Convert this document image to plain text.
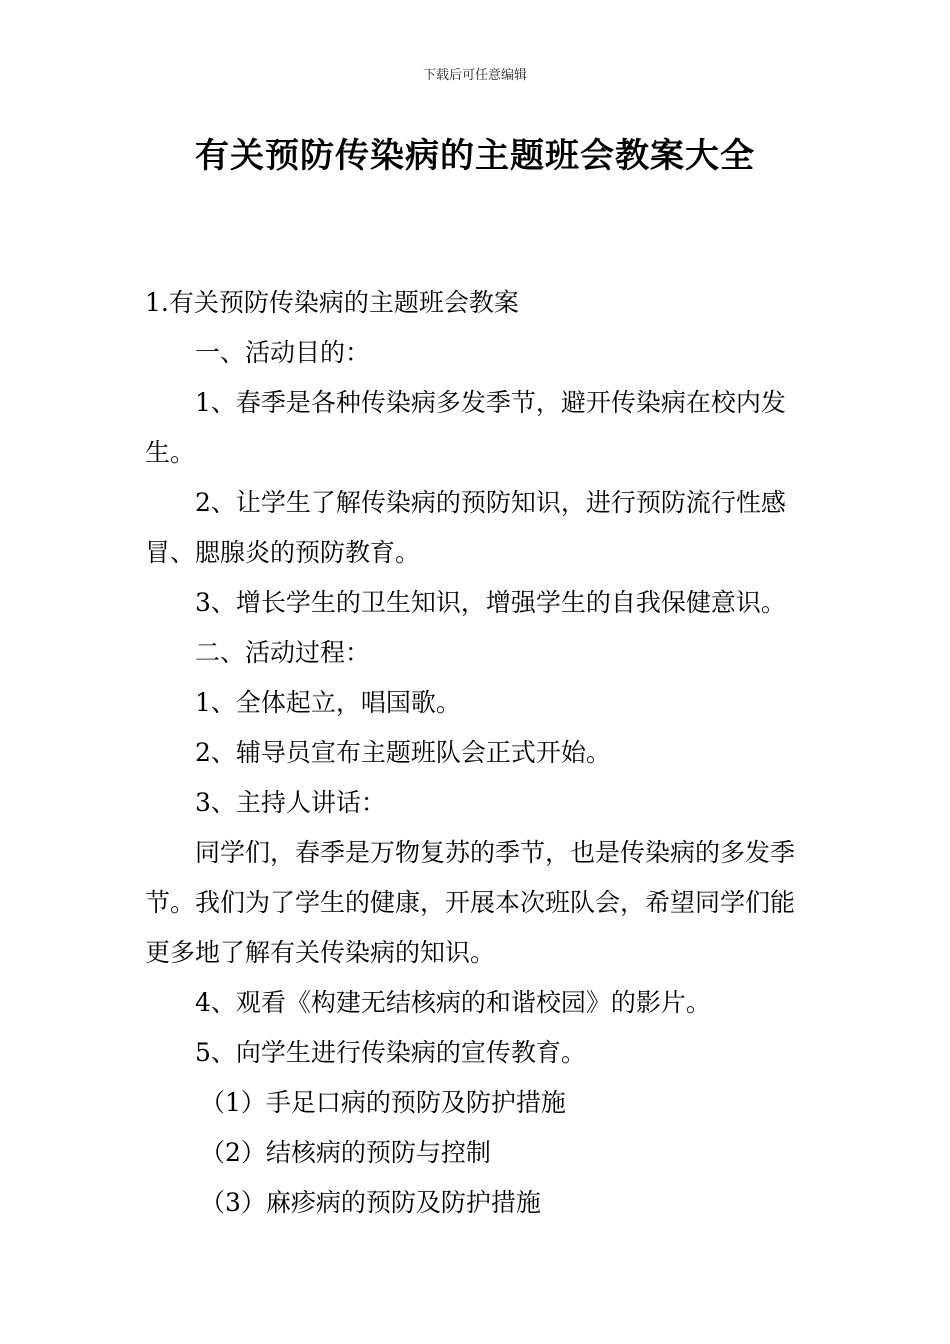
下载后可任意编辑
有关预防传染病的主题班会教案大全

1.有关预防传染病的主题班会教案

一、活动目的：

1、春季是各种传染病多发季节，避开传染病在校内发生。

2、让学生了解传染病的预防知识，进行预防流行性感冒、腮腺炎的预防教育。

3、增长学生的卫生知识，增强学生的自我保健意识。

二、活动过程：

1、全体起立，唱国歌。

2、辅导员宣布主题班队会正式开始。

3、主持人讲话：

同学们，春季是万物复苏的季节，也是传染病的多发季节。我们为了学生的健康，开展本次班队会，希望同学们能更多地了解有关传染病的知识。

4、观看《构建无结核病的和谐校园》的影片。

5、向学生进行传染病的宣传教育。

（1）手足口病的预防及防护措施

（2）结核病的预防与控制

（3）麻疹病的预防及防护措施
